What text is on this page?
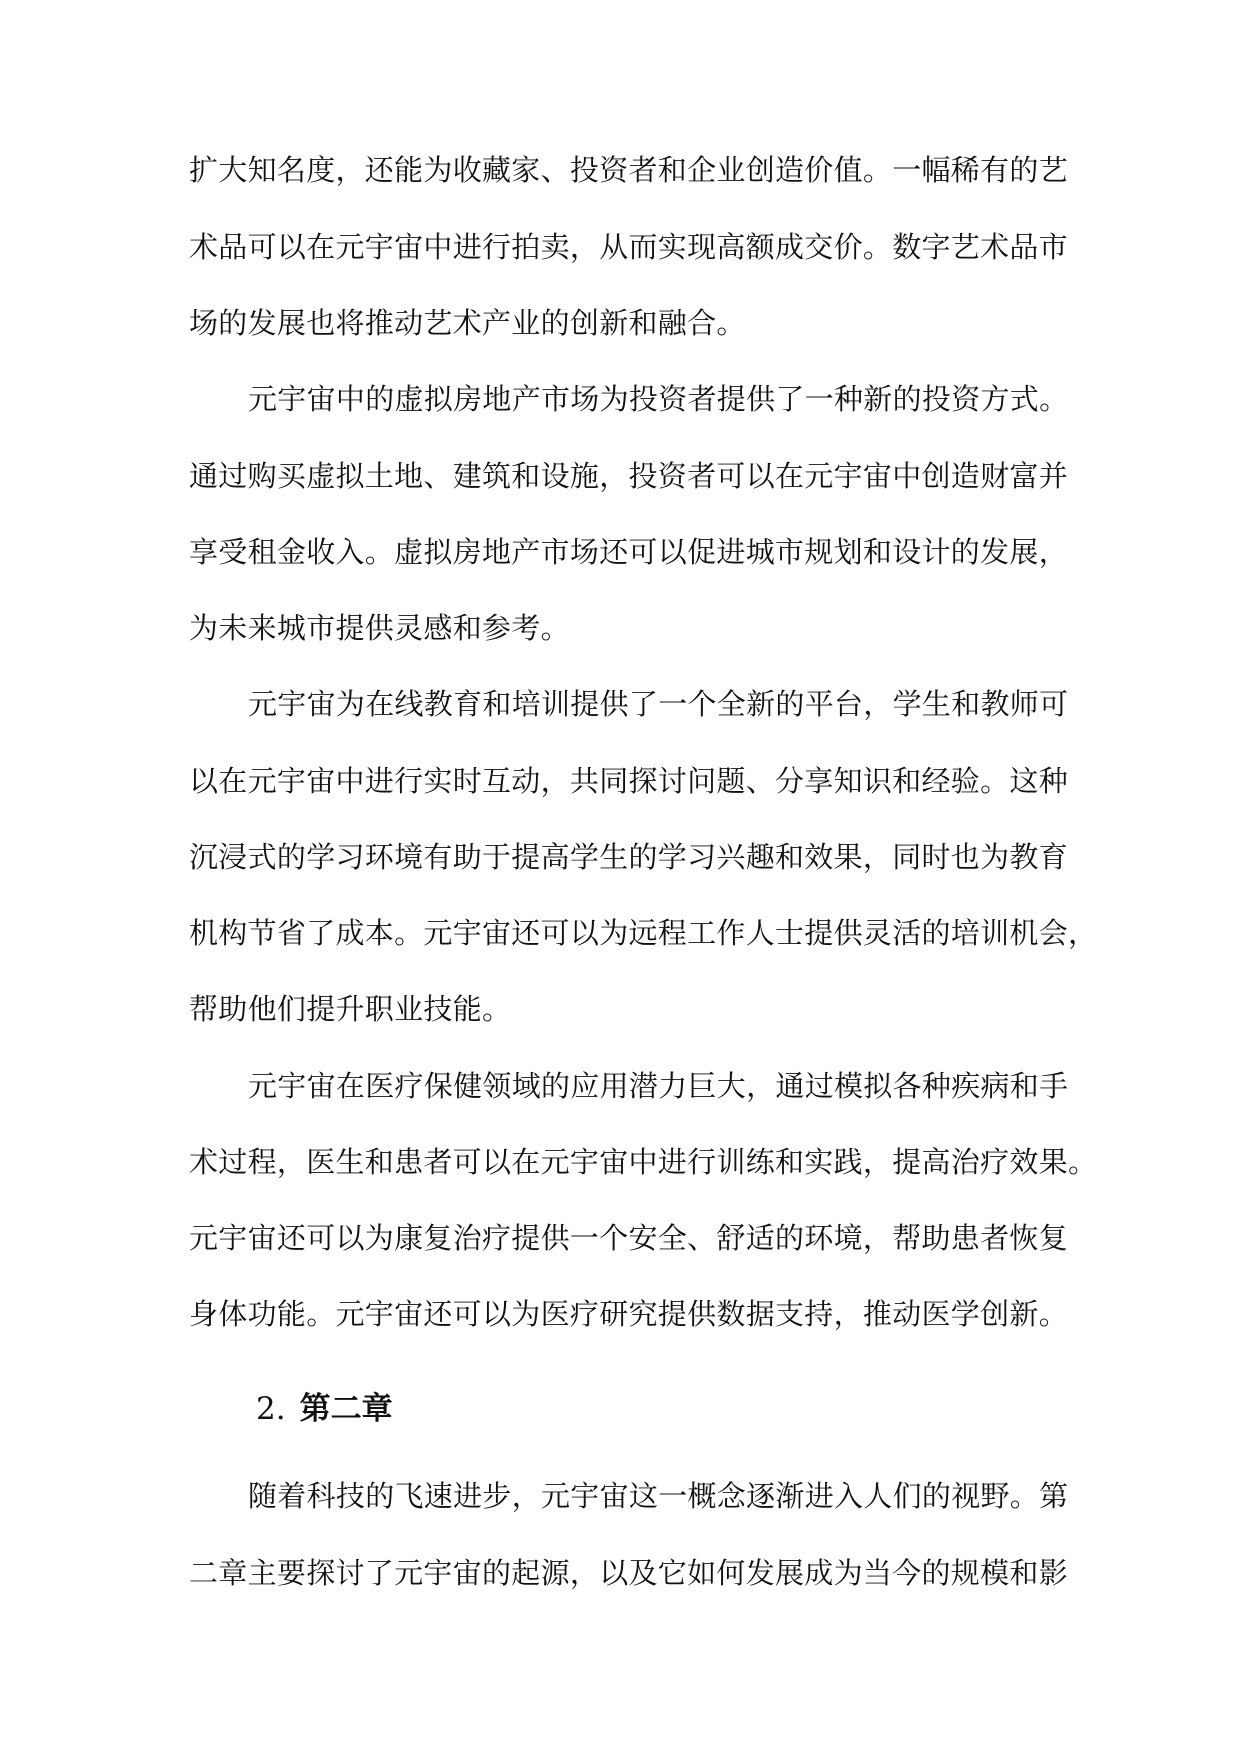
扩大知名度，还能为收藏家、投资者和企业创造价值。一幅稀有的艺
术品可以在元宇宙中进行拍卖，从而实现高额成交价。数字艺术品市
场的发展也将推动艺术产业的创新和融合。
元宇宙中的虚拟房地产市场为投资者提供了一种新的投资方式。
通过购买虚拟土地、建筑和设施，投资者可以在元宇宙中创造财富并
享受租金收入。虚拟房地产市场还可以促进城市规划和设计的发展，
为未来城市提供灵感和参考。
元宇宙为在线教育和培训提供了一个全新的平台，学生和教师可
以在元宇宙中进行实时互动，共同探讨问题、分享知识和经验。这种
沉浸式的学习环境有助于提高学生的学习兴趣和效果，同时也为教育
机构节省了成本。元宇宙还可以为远程工作人士提供灵活的培训机会，
帮助他们提升职业技能。
元宇宙在医疗保健领域的应用潜力巨大，通过模拟各种疾病和手
术过程，医生和患者可以在元宇宙中进行训练和实践，提高治疗效果。
元宇宙还可以为康复治疗提供一个安全、舒适的环境，帮助患者恢复
身体功能。元宇宙还可以为医疗研究提供数据支持，推动医学创新。
2. 第二章
随着科技的飞速进步，元宇宙这一概念逐渐进入人们的视野。第
二章主要探讨了元宇宙的起源，以及它如何发展成为当今的规模和影
